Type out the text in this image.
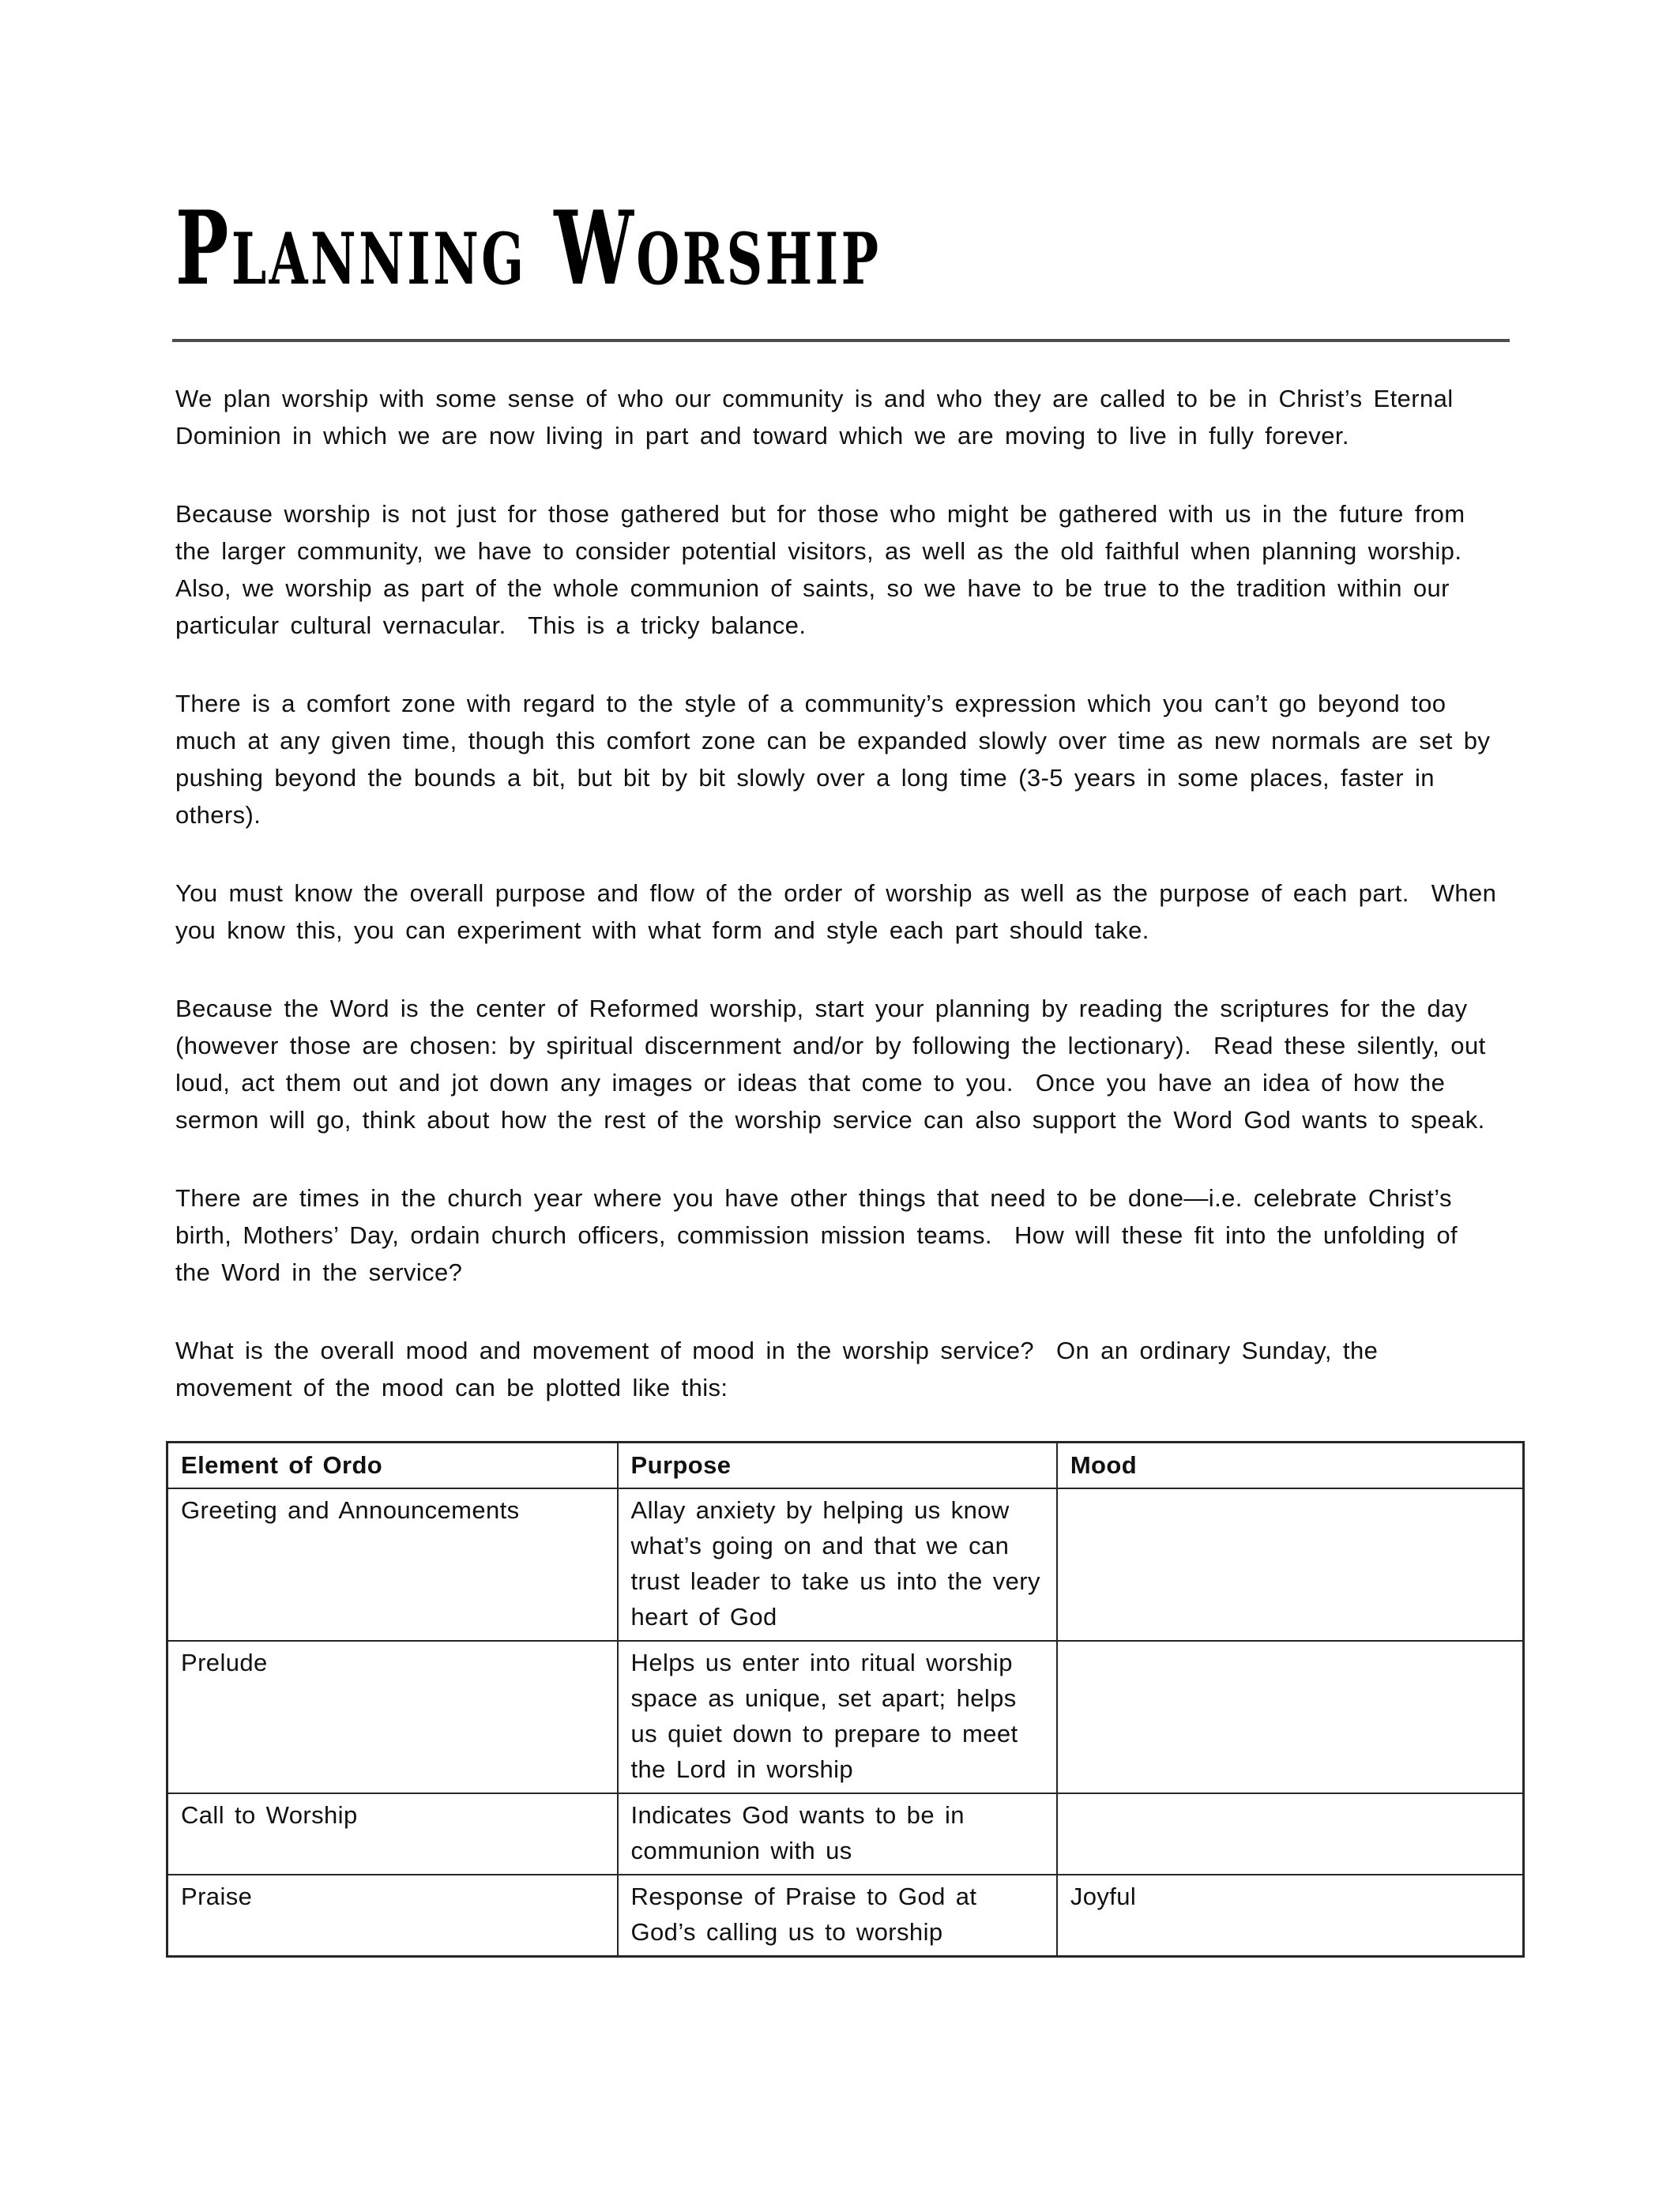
Planning Worship

We plan worship with some sense of who our community is and who they are called to be in Christ’s Eternal Dominion in which we are now living in part and toward which we are moving to live in fully forever.

Because worship is not just for those gathered but for those who might be gathered with us in the future from the larger community, we have to consider potential visitors, as well as the old faithful when planning worship. Also, we worship as part of the whole communion of saints, so we have to be true to the tradition within our particular cultural vernacular.  This is a tricky balance.

There is a comfort zone with regard to the style of a community’s expression which you can’t go beyond too much at any given time, though this comfort zone can be expanded slowly over time as new normals are set by pushing beyond the bounds a bit, but bit by bit slowly over a long time (3-5 years in some places, faster in others).

You must know the overall purpose and flow of the order of worship as well as the purpose of each part.  When you know this, you can experiment with what form and style each part should take.

Because the Word is the center of Reformed worship, start your planning by reading the scriptures for the day (however those are chosen: by spiritual discernment and/or by following the lectionary).  Read these silently, out loud, act them out and jot down any images or ideas that come to you.  Once you have an idea of how the sermon will go, think about how the rest of the worship service can also support the Word God wants to speak.

There are times in the church year where you have other things that need to be done—i.e. celebrate Christ’s birth, Mothers’ Day, ordain church officers, commission mission teams.  How will these fit into the unfolding of the Word in the service?

What is the overall mood and movement of mood in the worship service?  On an ordinary Sunday, the movement of the mood can be plotted like this:

Element of Ordo	Purpose	Mood
Greeting and Announcements	Allay anxiety by helping us know what’s going on and that we can trust leader to take us into the very heart of God	
Prelude	Helps us enter into ritual worship space as unique, set apart; helps us quiet down to prepare to meet the Lord in worship	
Call to Worship	Indicates God wants to be in communion with us	
Praise	Response of Praise to God at God’s calling us to worship	Joyful
